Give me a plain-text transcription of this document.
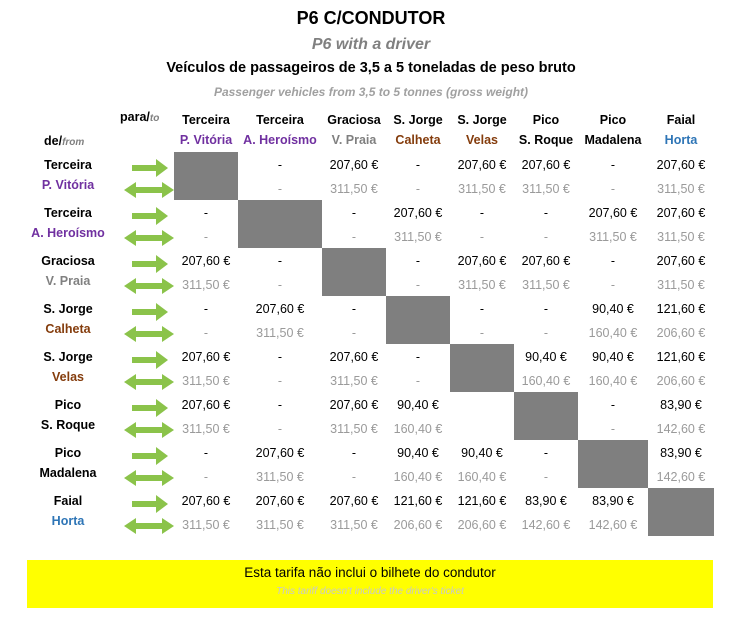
P6 C/CONDUTOR
P6 with a driver
Veículos de passageiros de 3,5 a 5 toneladas de peso bruto
Passenger vehicles from 3,5 to 5 tonnes (gross weight)
para/to
de/from
Terceira
P. Vitória
Terceira
A. Heroísmo
Graciosa
V. Praia
S. Jorge
Calheta
S. Jorge
Velas
Pico
S. Roque
Pico
Madalena
Faial
Horta
Terceira
P. Vitória
-
-
207,60 €
311,50 €
-
-
207,60 €
311,50 €
207,60 €
311,50 €
-
-
207,60 €
311,50 €
Terceira
A. Heroísmo
-
-
-
-
207,60 €
311,50 €
-
-
-
-
207,60 €
311,50 €
207,60 €
311,50 €
Graciosa
V. Praia
207,60 €
311,50 €
-
-
-
-
207,60 €
311,50 €
207,60 €
311,50 €
-
-
207,60 €
311,50 €
S. Jorge
Calheta
-
-
207,60 €
311,50 €
-
-
-
-
-
-
90,40 €
160,40 €
121,60 €
206,60 €
S. Jorge
Velas
207,60 €
311,50 €
-
-
207,60 €
311,50 €
-
-
90,40 €
160,40 €
90,40 €
160,40 €
121,60 €
206,60 €
Pico
S. Roque
207,60 €
311,50 €
-
-
207,60 €
311,50 €
90,40 €
160,40 €
-
-
83,90 €
142,60 €
Pico
Madalena
-
-
207,60 €
311,50 €
-
-
90,40 €
160,40 €
90,40 €
160,40 €
-
-
83,90 €
142,60 €
Faial
Horta
207,60 €
311,50 €
207,60 €
311,50 €
207,60 €
311,50 €
121,60 €
206,60 €
121,60 €
206,60 €
83,90 €
142,60 €
83,90 €
142,60 €
Esta tarifa não inclui o bilhete do condutor
This tariff doesn't include the driver's ticket
